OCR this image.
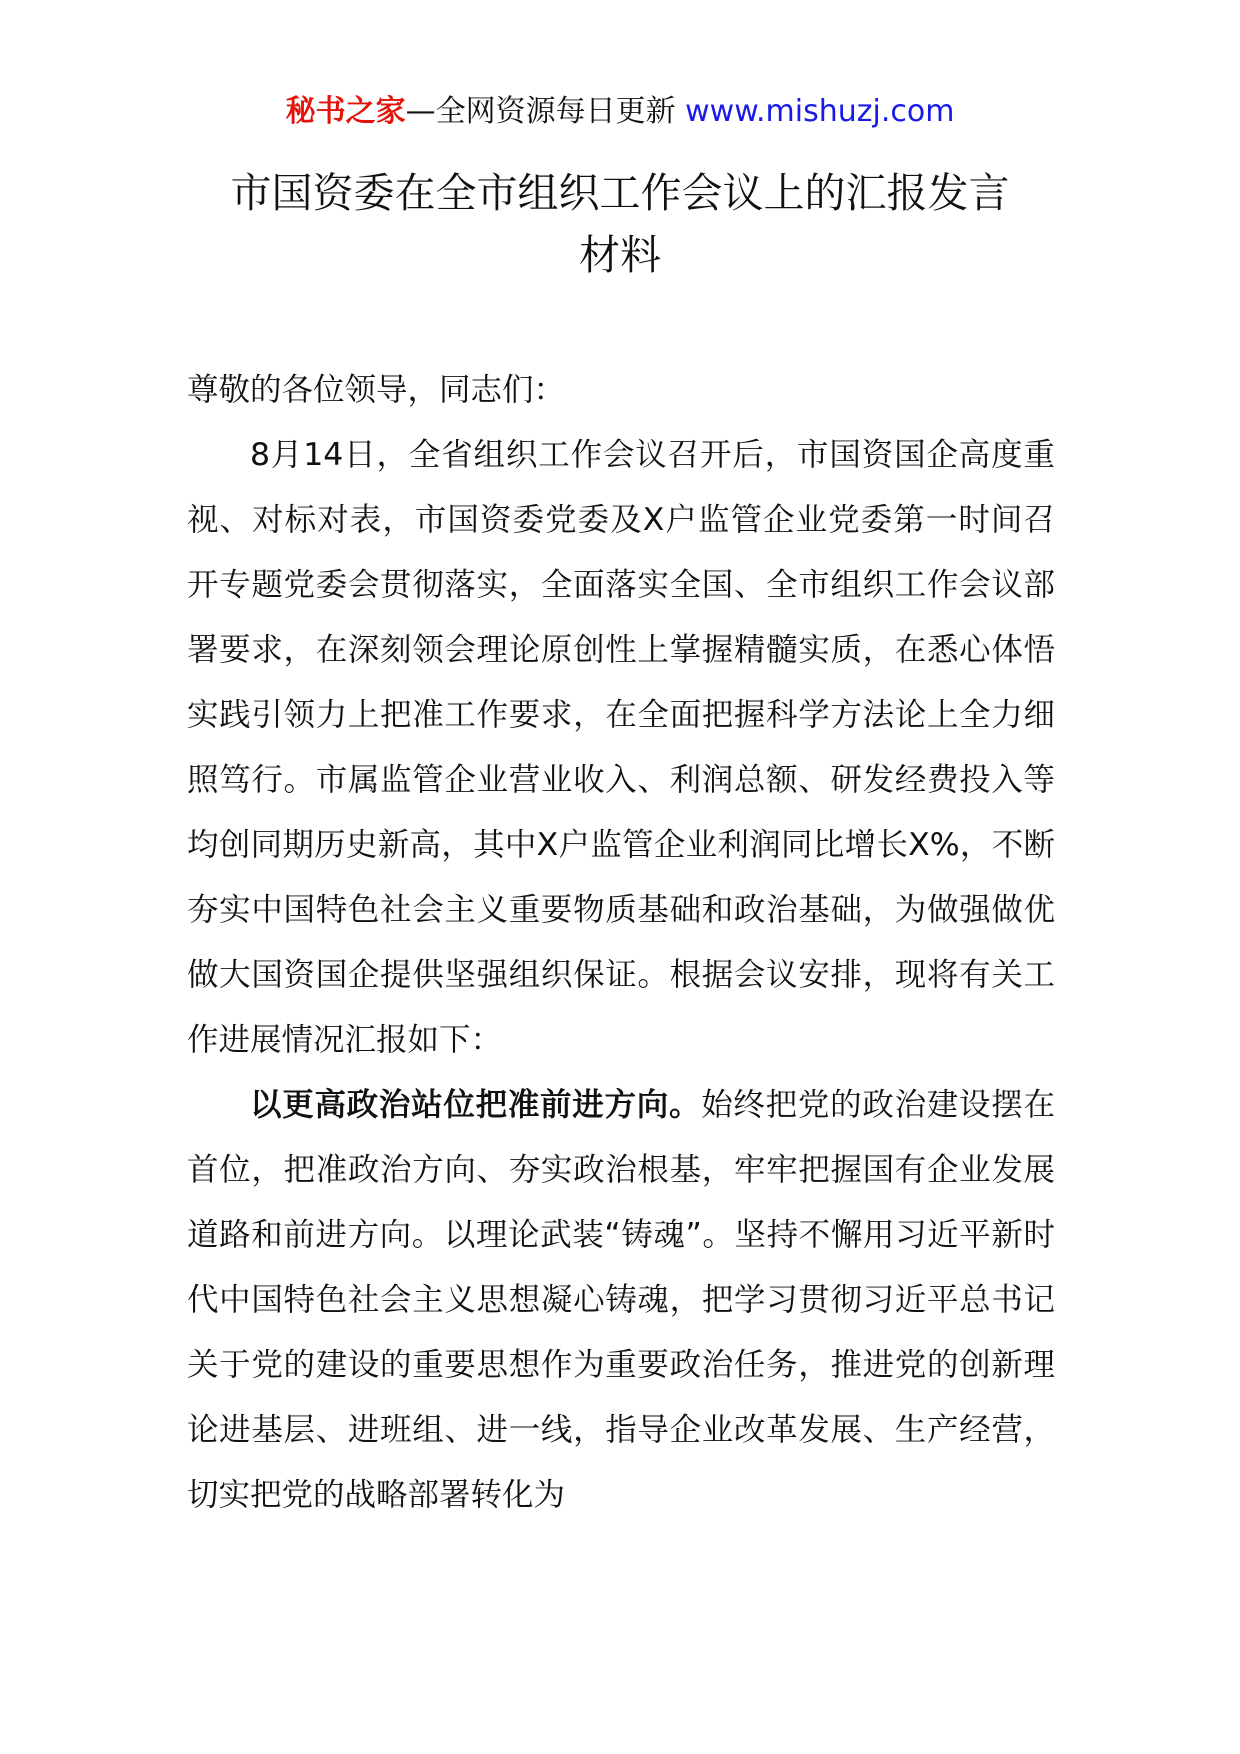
秘书之家—全网资源每日更新 www.mishuzj.com
市国资委在全市组织工作会议上的汇报发言
材料

尊敬的各位领导，同志们：

8月14日，全省组织工作会议召开后，市国资国企高度重视、对标对表，市国资委党委及X户监管企业党委第一时间召开专题党委会贯彻落实，全面落实全国、全市组织工作会议部署要求，在深刻领会理论原创性上掌握精髓实质，在悉心体悟实践引领力上把准工作要求，在全面把握科学方法论上全力细照笃行。市属监管企业营业收入、利润总额、研发经费投入等均创同期历史新高，其中X户监管企业利润同比增长X%，不断夯实中国特色社会主义重要物质基础和政治基础，为做强做优做大国资国企提供坚强组织保证。根据会议安排，现将有关工作进展情况汇报如下：

以更高政治站位把准前进方向。始终把党的政治建设摆在首位，把准政治方向、夯实政治根基，牢牢把握国有企业发展道路和前进方向。以理论武装“铸魂”。坚持不懈用习近平新时代中国特色社会主义思想凝心铸魂，把学习贯彻习近平总书记关于党的建设的重要思想作为重要政治任务，推进党的创新理论进基层、进班组、进一线，指导企业改革发展、生产经营，切实把党的战略部署转化为
